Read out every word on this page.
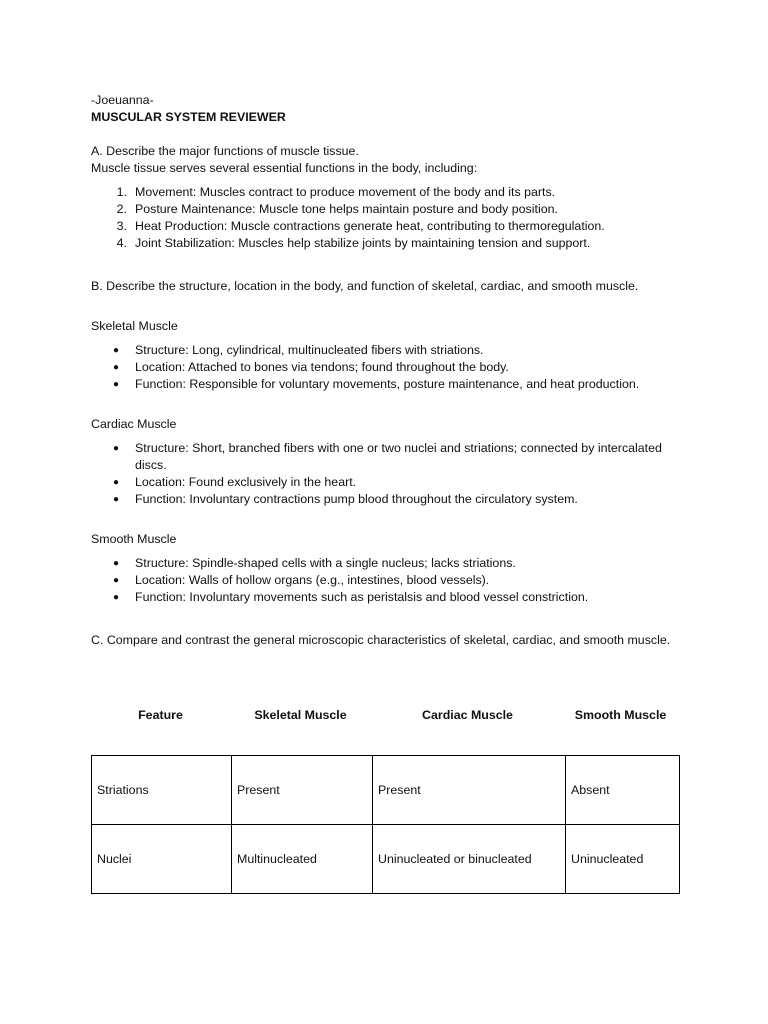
-Joeuanna-

MUSCULAR SYSTEM REVIEWER

A. Describe the major functions of muscle tissue.

Muscle tissue serves several essential functions in the body, including:

1. Movement: Muscles contract to produce movement of the body and its parts.
2. Posture Maintenance: Muscle tone helps maintain posture and body position.
3. Heat Production: Muscle contractions generate heat, contributing to thermoregulation.
4. Joint Stabilization: Muscles help stabilize joints by maintaining tension and support.

B. Describe the structure, location in the body, and function of skeletal, cardiac, and smooth muscle.

Skeletal Muscle

● Structure: Long, cylindrical, multinucleated fibers with striations.
● Location: Attached to bones via tendons; found throughout the body.
● Function: Responsible for voluntary movements, posture maintenance, and heat production.

Cardiac Muscle

● Structure: Short, branched fibers with one or two nuclei and striations; connected by intercalated discs.
● Location: Found exclusively in the heart.
● Function: Involuntary contractions pump blood throughout the circulatory system.

Smooth Muscle

● Structure: Spindle-shaped cells with a single nucleus; lacks striations.
● Location: Walls of hollow organs (e.g., intestines, blood vessels).
● Function: Involuntary movements such as peristalsis and blood vessel constriction.

C. Compare and contrast the general microscopic characteristics of skeletal, cardiac, and smooth muscle.

Feature	Skeletal Muscle	Cardiac Muscle	Smooth Muscle
Striations	Present	Present	Absent
Nuclei	Multinucleated	Uninucleated or binucleated	Uninucleated
